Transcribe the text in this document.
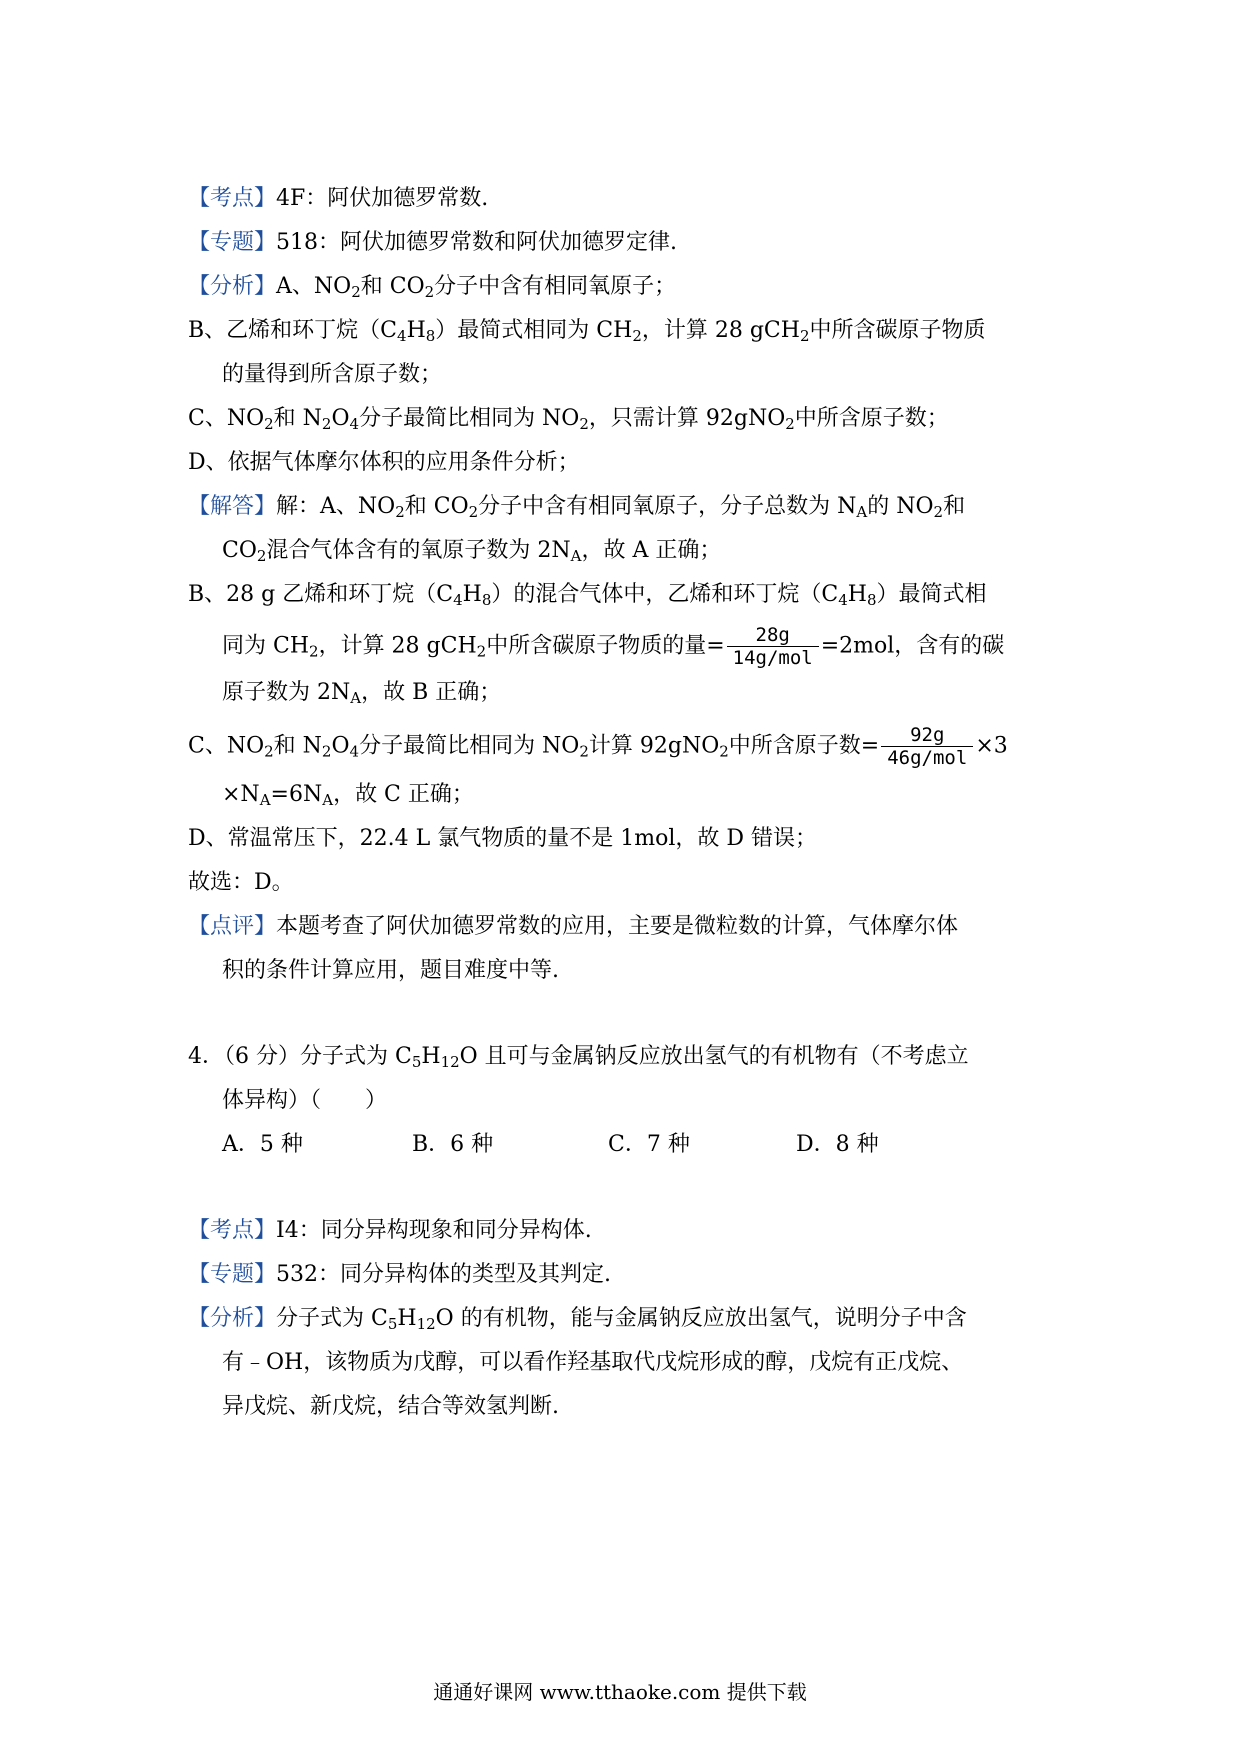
【考点】4F：阿伏加德罗常数.
【专题】518：阿伏加德罗常数和阿伏加德罗定律.
【分析】A、$NO_2$和 $CO_2$分子中含有相同氧原子；
B、乙烯和环丁烷$(C_4H_8)$最简式相同为 $CH_2$，计算 28 gCH$_2$中所含碳原子物质
的量得到所含原子数；
C、$NO_2$和 $N_2O_4$分子最简比相同为 $NO_2$，只需计算 92gNO$_2$中所含原子数；
D、依据气体摩尔体积的应用条件分析；
【解答】解：A、$NO_2$和 $CO_2$分子中含有相同氧原子，分子总数为 $N_A$的 $NO_2$和
$CO_2$混合气体含有的氧原子数为 $2N_A$，故 A 正确；
B、28 g 乙烯和环丁烷$(C_4H_8)$的混合气体中，乙烯和环丁烷$(C_4H_8)$最简式相
同为 $CH_2$，计算 28 gCH$_2$中所含碳原子物质的量= $\frac{28g}{\text{14g/mol}} =2mol$，含有的碳
原子数为 $2N_A$，故 B 正确；
C、$NO_2$和 $N_2O_4$分子最简比相同为 $NO_2$计算 92gNO$_2$中所含原子数= $\frac{92g}{\text{46g/mol}} \times 3$
$\times N_A=6N_A$，故 C 正确；
D、常温常压下，22.4 L 氯气物质的量不是 1mol，故 D 错误；
故选：D。
【点评】本题考查了阿伏加德罗常数的应用，主要是微粒数的计算，气体摩尔体
积的条件计算应用，题目难度中等.
4．（6 分）分子式为 $C_5H_{12}O$ 且可与金属钠反应放出氢气的有机物有（不考虑立
体异构）（　　）
A．5 种	B．6 种	C．7 种	D．8 种
【考点】I4：同分异构现象和同分异构体.
【专题】532：同分异构体的类型及其判定.
【分析】分子式为 $C_5H_{12}O$ 的有机物，能与金属钠反应放出氢气，说明分子中含
有﹣OH，该物质为戊醇，可以看作羟基取代戊烷形成的醇，戊烷有正戊烷、
异戊烷、新戊烷，结合等效氢判断.
通通好课网 www.tthaoke.com 提供下载
